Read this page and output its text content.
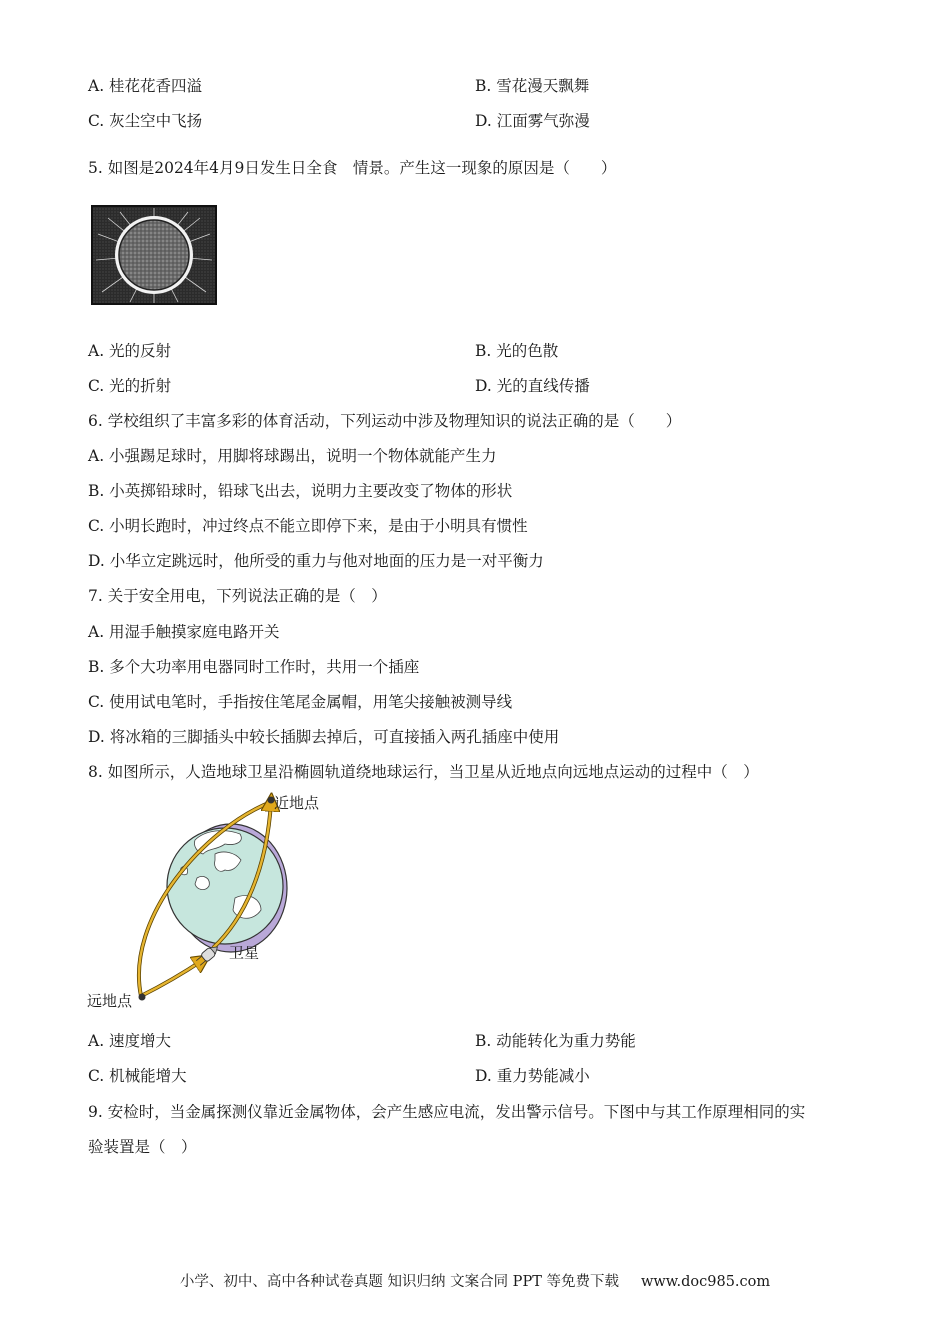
A. 桂花花香四溢	B. 雪花漫天飘舞
C. 灰尘空中飞扬	D. 江面雾气弥漫
5. 如图是2024年4月9日发生日全食　情景。产生这一现象的原因是（　　）
A. 光的反射	B. 光的色散
C. 光的折射	D. 光的直线传播
6. 学校组织了丰富多彩的体育活动，下列运动中涉及物理知识的说法正确的是（　　）
A. 小强踢足球时，用脚将球踢出，说明一个物体就能产生力
B. 小英掷铅球时，铅球飞出去，说明力主要改变了物体的形状
C. 小明长跑时，冲过终点不能立即停下来，是由于小明具有惯性
D. 小华立定跳远时，他所受的重力与他对地面的压力是一对平衡力
7. 关于安全用电，下列说法正确的是（　）
A. 用湿手触摸家庭电路开关
B. 多个大功率用电器同时工作时，共用一个插座
C. 使用试电笔时，手指按住笔尾金属帽，用笔尖接触被测导线
D. 将冰箱的三脚插头中较长插脚去掉后，可直接插入两孔插座中使用
8. 如图所示，人造地球卫星沿椭圆轨道绕地球运行，当卫星从近地点向远地点运动的过程中（　）
近地点
卫星
远地点
A. 速度增大	B. 动能转化为重力势能
C. 机械能增大	D. 重力势能减小
9. 安检时，当金属探测仪靠近金属物体，会产生感应电流，发出警示信号。下图中与其工作原理相同的实
验装置是（　）
小学、初中、高中各种试卷真题 知识归纳 文案合同 PPT 等免费下载 www.doc985.com
